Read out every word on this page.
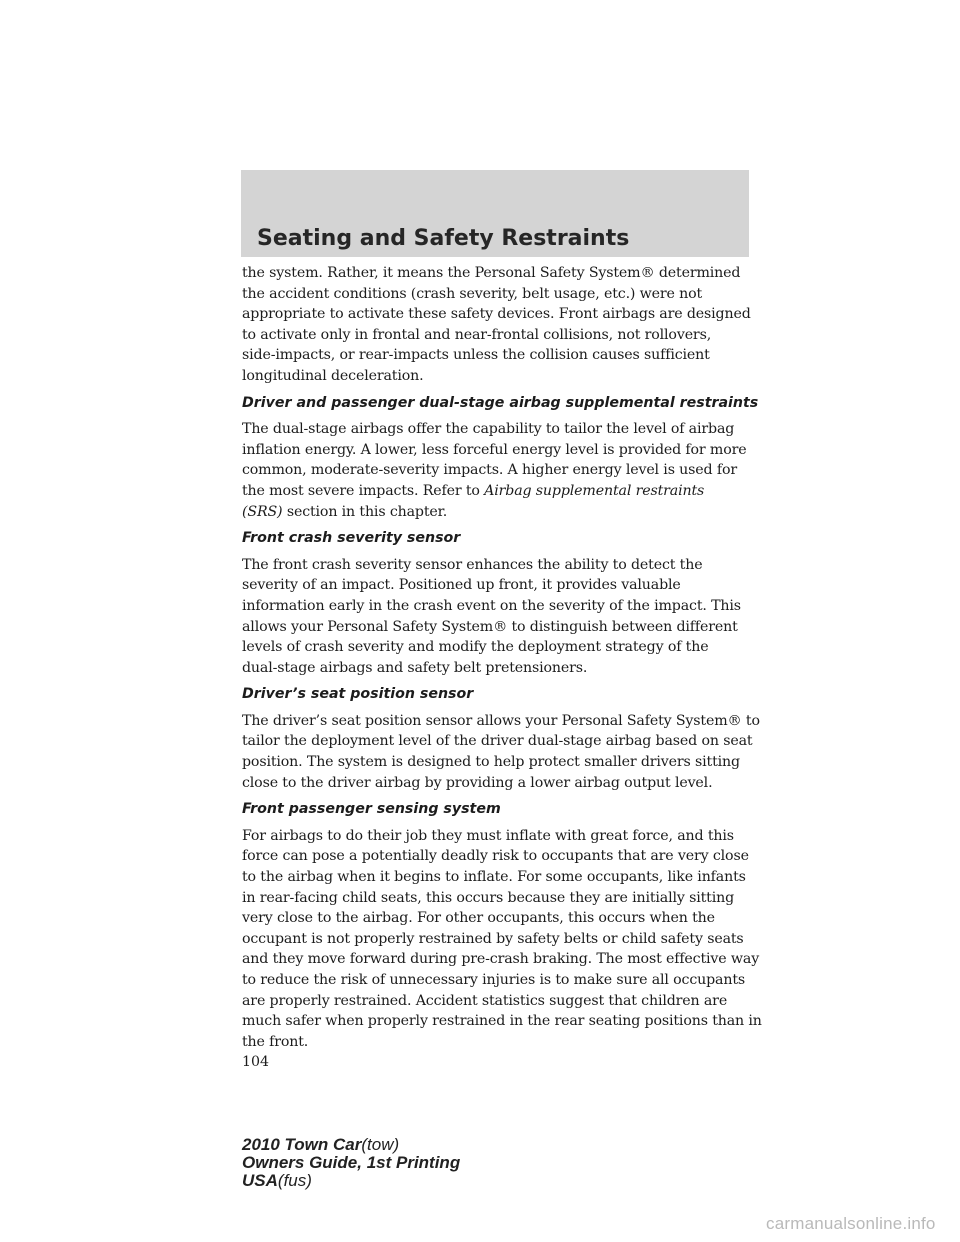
Seating and Safety Restraints
the system. Rather, it means the Personal Safety System® determined
the accident conditions (crash severity, belt usage, etc.) were not
appropriate to activate these safety devices. Front airbags are designed
to activate only in frontal and near-frontal collisions, not rollovers,
side-impacts, or rear-impacts unless the collision causes sufficient
longitudinal deceleration.
Driver and passenger dual-stage airbag supplemental restraints
The dual-stage airbags offer the capability to tailor the level of airbag
inflation energy. A lower, less forceful energy level is provided for more
common, moderate-severity impacts. A higher energy level is used for
the most severe impacts. Refer to Airbag supplemental restraints
(SRS) section in this chapter.
Front crash severity sensor
The front crash severity sensor enhances the ability to detect the
severity of an impact. Positioned up front, it provides valuable
information early in the crash event on the severity of the impact. This
allows your Personal Safety System® to distinguish between different
levels of crash severity and modify the deployment strategy of the
dual-stage airbags and safety belt pretensioners.
Driver’s seat position sensor
The driver’s seat position sensor allows your Personal Safety System® to
tailor the deployment level of the driver dual-stage airbag based on seat
position. The system is designed to help protect smaller drivers sitting
close to the driver airbag by providing a lower airbag output level.
Front passenger sensing system
For airbags to do their job they must inflate with great force, and this
force can pose a potentially deadly risk to occupants that are very close
to the airbag when it begins to inflate. For some occupants, like infants
in rear-facing child seats, this occurs because they are initially sitting
very close to the airbag. For other occupants, this occurs when the
occupant is not properly restrained by safety belts or child safety seats
and they move forward during pre-crash braking. The most effective way
to reduce the risk of unnecessary injuries is to make sure all occupants
are properly restrained. Accident statistics suggest that children are
much safer when properly restrained in the rear seating positions than in
the front.
104
2010 Town Car(tow)
Owners Guide, 1st Printing
USA(fus)
carmanualsonline.info
